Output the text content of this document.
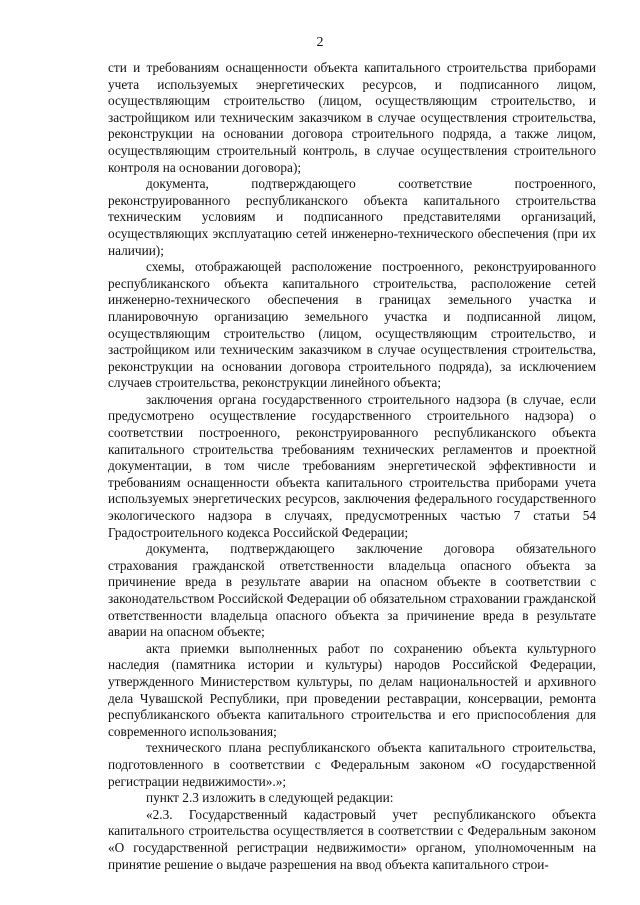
2

сти и требованиям оснащенности объекта капитального строительства приборами учета используемых энергетических ресурсов, и подписанного лицом, осуществляющим строительство (лицом, осуществляющим строительство, и застройщиком или техническим заказчиком в случае осуществления строительства, реконструкции на основании договора строительного подряда, а также лицом, осуществляющим строительный контроль, в случае осуществления строительного контроля на основании договора);

документа, подтверждающего соответствие построенного, реконструированного республиканского объекта капитального строительства техническим условиям и подписанного представителями организаций, осуществляющих эксплуатацию сетей инженерно-технического обеспечения (при их наличии);

схемы, отображающей расположение построенного, реконструированного республиканского объекта капитального строительства, расположение сетей инженерно-технического обеспечения в границах земельного участка и планировочную организацию земельного участка и подписанной лицом, осуществляющим строительство (лицом, осуществляющим строительство, и застройщиком или техническим заказчиком в случае осуществления строительства, реконструкции на основании договора строительного подряда), за исключением случаев строительства, реконструкции линейного объекта;

заключения органа государственного строительного надзора (в случае, если предусмотрено осуществление государственного строительного надзора) о соответствии построенного, реконструированного республиканского объекта капитального строительства требованиям технических регламентов и проектной документации, в том числе требованиям энергетической эффективности и требованиям оснащенности объекта капитального строительства приборами учета используемых энергетических ресурсов, заключения федерального государственного экологического надзора в случаях, предусмотренных частью 7 статьи 54 Градостроительного кодекса Российской Федерации;

документа, подтверждающего заключение договора обязательного страхования гражданской ответственности владельца опасного объекта за причинение вреда в результате аварии на опасном объекте в соответствии с законодательством Российской Федерации об обязательном страховании гражданской ответственности владельца опасного объекта за причинение вреда в результате аварии на опасном объекте;

акта приемки выполненных работ по сохранению объекта культурного наследия (памятника истории и культуры) народов Российской Федерации, утвержденного Министерством культуры, по делам национальностей и архивного дела Чувашской Республики, при проведении реставрации, консервации, ремонта республиканского объекта капитального строительства и его приспособления для современного использования;

технического плана республиканского объекта капитального строительства, подготовленного в соответствии с Федеральным законом «О государственной регистрации недвижимости».»;

пункт 2.3 изложить в следующей редакции:

«2.3. Государственный кадастровый учет республиканского объекта капитального строительства осуществляется в соответствии с Федеральным законом «О государственной регистрации недвижимости» органом, уполномоченным на принятие решение о выдаче разрешения на ввод объекта капитального строи-
